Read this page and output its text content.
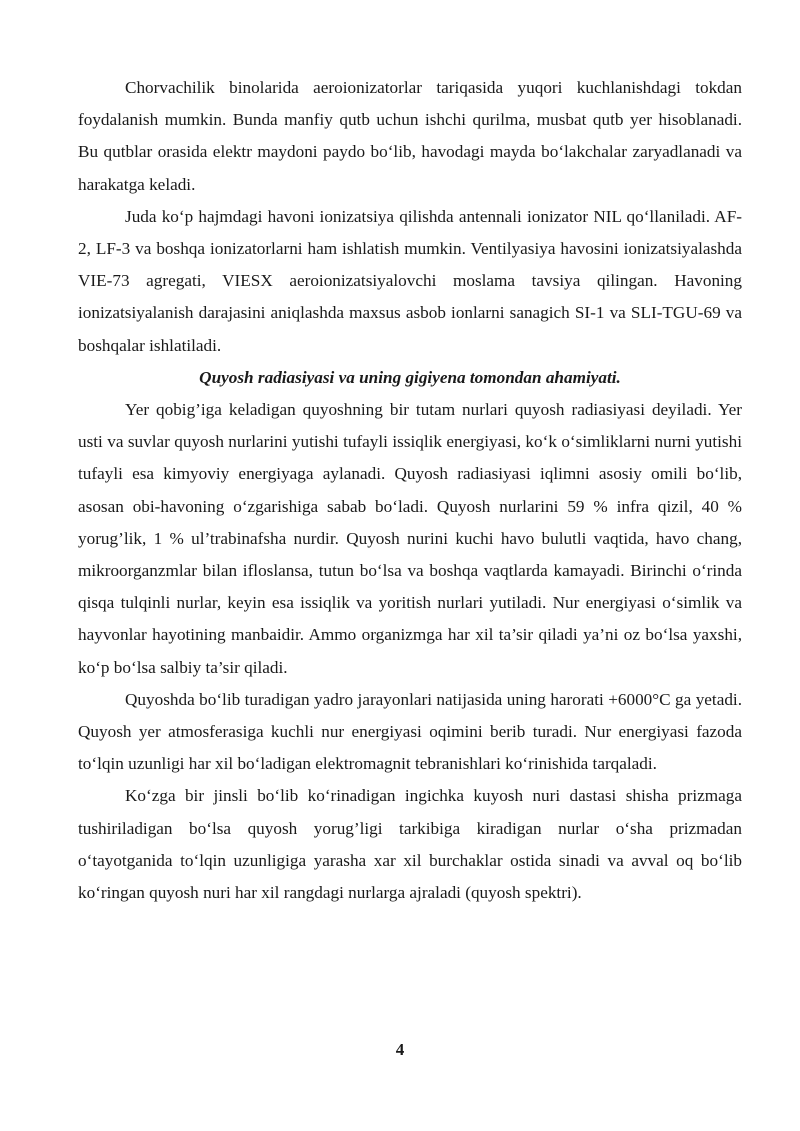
Chorvachilik binolarida aeroionizatorlar tariqasida yuqori kuchlanishdagi tokdan foydalanish mumkin. Bunda manfiy qutb uchun ishchi qurilma, musbat qutb yer hisoblanadi. Bu qutblar orasida elektr maydoni paydo bo‘lib, havodagi mayda bo‘lakchalar zaryadlanadi va harakatga keladi.

Juda ko‘p hajmdagi havoni ionizatsiya qilishda antennali ionizator NIL qo‘llaniladi. AF-2, LF-3 va boshqa ionizatorlarni ham ishlatish mumkin. Ventilyasiya havosini ionizatsiyalashda VIE-73 agregati, VIESX aeroionizatsiyalovchi moslama tavsiya qilingan. Havoning ionizatsiyalanish darajasini aniqlashda maxsus asbob ionlarni sanagich SI-1 va SLI-TGU-69 va boshqalar ishlatiladi.

Quyosh radiasiyasi va uning gigiyena tomondan ahamiyati.

Yer qobig’iga keladigan quyoshning bir tutam nurlari quyosh radiasiyasi deyiladi. Yer usti va suvlar quyosh nurlarini yutishi tufayli issiqlik energiyasi, ko‘k o‘simliklarni nurni yutishi tufayli esa kimyoviy energiyaga aylanadi. Quyosh radiasiyasi iqlimni asosiy omili bo‘lib, asosan obi-havoning o‘zgarishiga sabab bo‘ladi. Quyosh nurlarini 59 % infra qizil, 40 % yorug’lik, 1 % ul’trabinafsha nurdir. Quyosh nurini kuchi havo bulutli vaqtida, havo chang, mikroorganzmlar bilan ifloslansa, tutun bo‘lsa va boshqa vaqtlarda kamayadi. Birinchi o‘rinda qisqa tulqinli nurlar, keyin esa issiqlik va yoritish nurlari yutiladi. Nur energiyasi o‘simlik va hayvonlar hayotining manbaidir. Ammo organizmga har xil ta’sir qiladi ya’ni oz bo‘lsa yaxshi, ko‘p bo‘lsa salbiy ta’sir qiladi.

Quyoshda bo‘lib turadigan yadro jarayonlari natijasida uning harorati +6000°C ga yetadi. Quyosh yer atmosferasiga kuchli nur energiyasi oqimini berib turadi. Nur energiyasi fazoda to‘lqin uzunligi har xil bo‘ladigan elektromagnit tebranishlari ko‘rinishida tarqaladi.

Ko‘zga bir jinsli bo‘lib ko‘rinadigan ingichka kuyosh nuri dastasi shisha prizmaga tushiriladigan bo‘lsa quyosh yorug’ligi tarkibiga kiradigan nurlar o‘sha prizmadan o‘tayotganida to‘lqin uzunligiga yarasha xar xil burchaklar ostida sinadi va avval oq bo‘lib ko‘ringan quyosh nuri har xil rangdagi nurlarga ajraladi (quyosh spektri).

4
